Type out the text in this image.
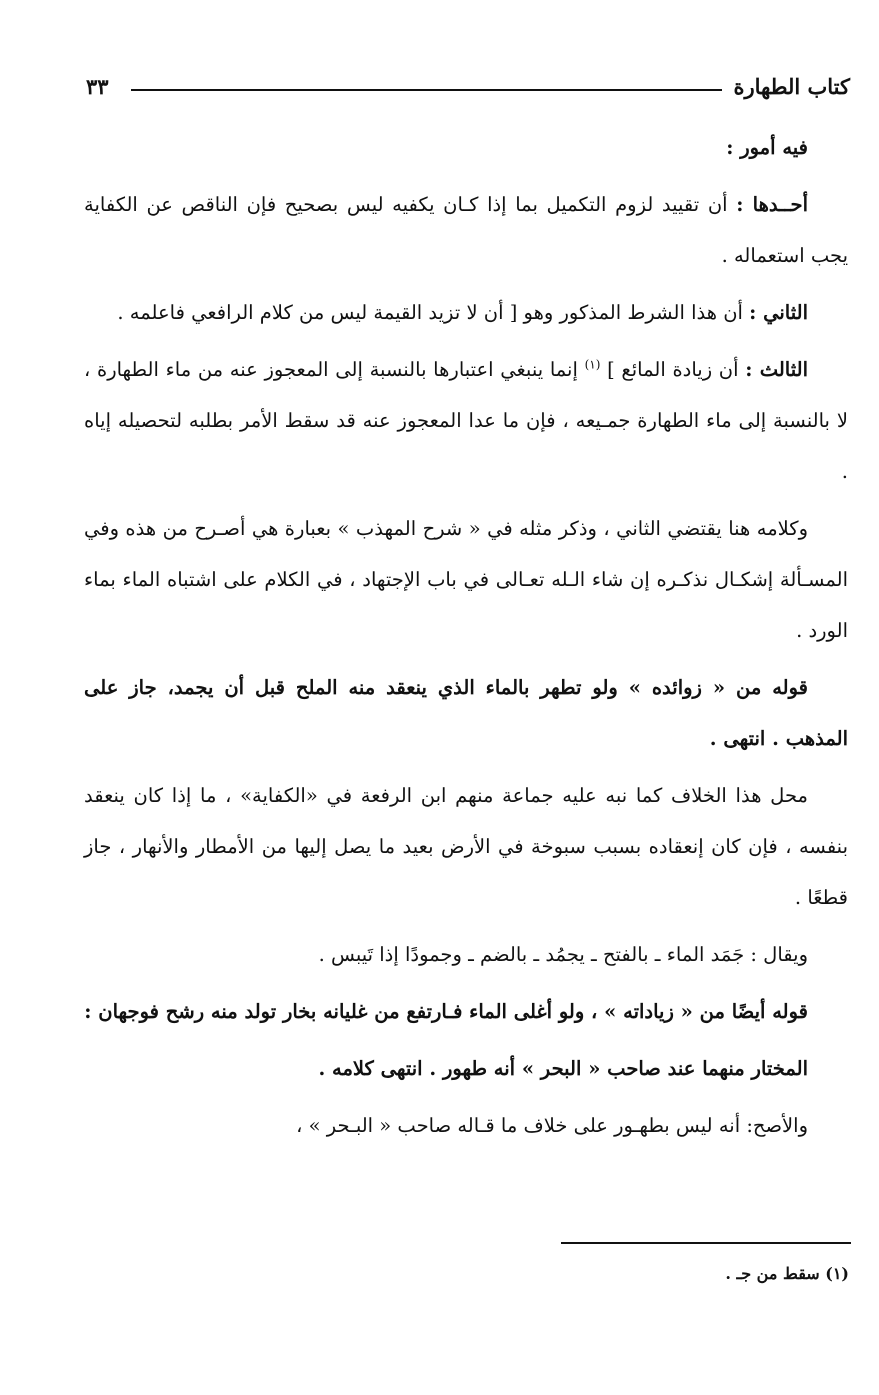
كتاب الطهارة
٣٣

فيه أمور :

أحــدها : أن تقييد لزوم التكميل بما إذا كـان يكفيه ليس بصحيح فإن الناقص عن الكفاية يجب استعماله .

الثاني : أن هذا الشرط المذكور وهو [ أن لا تزيد القيمة ليس من كلام الرافعي فاعلمه .

الثالث : أن زيادة المائع ] $^{(١)}$ إنما ينبغي اعتبارها بالنسبة إلى المعجوز عنه من ماء الطهارة ، لا بالنسبة إلى ماء الطهارة جمـيعه ، فإن ما عدا المعجوز عنه قد سقط الأمر بطلبه لتحصيله إياه .

وكلامه هنا يقتضي الثاني ، وذكر مثله في « شرح المهذب » بعبارة هي أصـرح من هذه وفي المسـألة إشكـال نذكـره إن شاء الـله تعـالى في باب الإجتهاد ، في الكلام على اشتباه الماء بماء الورد .

قوله من « زوائده » ولو تطهر بالماء الذي ينعقد منه الملح قبل أن يجمد، جاز على المذهب . انتهى .

محل هذا الخلاف كما نبه عليه جماعة منهم ابن الرفعة في «الكفاية» ، ما إذا كان ينعقد بنفسه ، فإن كان إنعقاده بسبب سبوخة في الأرض بعيد ما يصل إليها من الأمطار والأنهار ، جاز قطعًا .

ويقال : جَمَد الماء ـ بالفتح ـ يجمُد ـ بالضم ـ وجمودًا إذا تَيبس .

قوله أيضًا من « زياداته » ، ولو أغلى الماء فـارتفع من غليانه بخار تولد منه رشح فوجهان :

المختار منهما عند صاحب « البحر » أنه طهور . انتهى كلامه .

والأصح: أنه ليس بطهـور على خلاف ما قـاله صاحب « البـحر » ،

(١) سقط من جـ .
